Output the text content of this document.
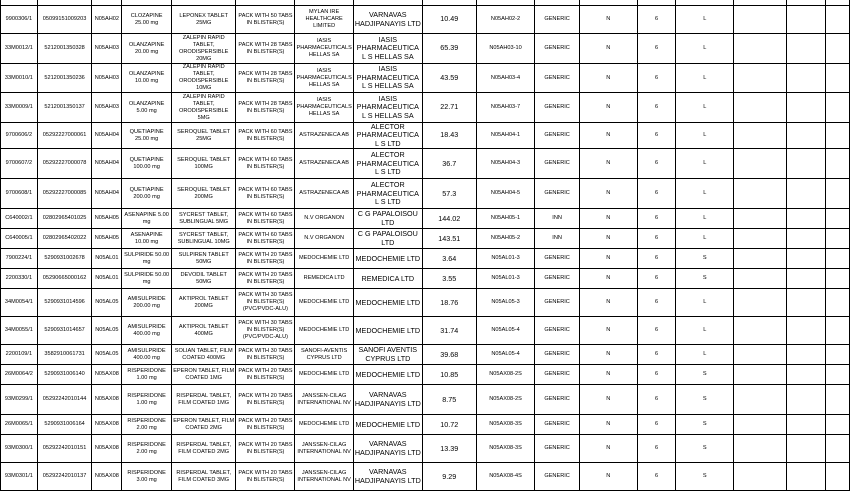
9900306/1	05099151009203	N05AH02	CLOZAPINE 25.00 mg	LEPONEX TABLET 25MG	PACK WITH 50 TABS IN BLISTER(S)	MYLAN IRE HEALTHCARE LIMITED	VARNAVAS HADJIPANAYIS LTD	10.49	N05AH02-2	GENERIC	N	6	L			
33M0012/1	5212001350328	N05AH03	OLANZAPINE 20.00 mg	ZALEPIN RAPID TABLET, ORODISPERSIBLE 20MG	PACK WITH 28 TABS IN BLISTER(S)	IASIS PHARMACEUTICALS HELLAS SA	IASIS PHARMACEUTICAL S HELLAS SA	65.39	N05AH03-10	GENERIC	N	6	L			
33M0010/1	5212001350236	N05AH03	OLANZAPINE 10.00 mg	ZALEPIN RAPID TABLET, ORODISPERSIBLE 10MG	PACK WITH 28 TABS IN BLISTER(S)	IASIS PHARMACEUTICALS HELLAS SA	IASIS PHARMACEUTICAL S HELLAS SA	43.59	N05AH03-4	GENERIC	N	6	L			
33M0009/1	5212001350137	N05AH03	OLANZAPINE 5.00 mg	ZALEPIN RAPID TABLET, ORODISPERSIBLE 5MG	PACK WITH 28 TABS IN BLISTER(S)	IASIS PHARMACEUTICALS HELLAS SA	IASIS PHARMACEUTICAL S HELLAS SA	22.71	N05AH03-7	GENERIC	N	6	L			
9700606/2	05292227000061	N05AH04	QUETIAPINE 25.00 mg	SEROQUEL TABLET 25MG	PACK WITH 60 TABS IN BLISTER(S)	ASTRAZENECA AB	ALECTOR PHARMACEUTICAL S LTD	18.43	N05AH04-1	GENERIC	N	6	L			
9700607/2	05292227000078	N05AH04	QUETIAPINE 100.00 mg	SEROQUEL TABLET 100MG	PACK WITH 60 TABS IN BLISTER(S)	ASTRAZENECA AB	ALECTOR PHARMACEUTICAL S LTD	36.7	N05AH04-3	GENERIC	N	6	L			
9700608/1	05292227000085	N05AH04	QUETIAPINE 200.00 mg	SEROQUEL TABLET 200MG	PACK WITH 60 TABS IN BLISTER(S)	ASTRAZENECA AB	ALECTOR PHARMACEUTICAL S LTD	57.3	N05AH04-5	GENERIC	N	6	L			
C640002/1	02802965401025	N05AH05	ASENAPINE 5.00 mg	SYCREST TABLET, SUBLINGUAL 5MG	PACK WITH 60 TABS IN BLISTER(S)	N.V ORGANON	C G PAPALOISOU LTD	144.02	N05AH05-1	INN	N	6	L			
C640005/1	02802965402022	N05AH05	ASENAPINE 10.00 mg	SYCREST TABLET, SUBLINGUAL 10MG	PACK WITH 60 TABS IN BLISTER(S)	N.V ORGANON	C G PAPALOISOU LTD	143.51	N05AH05-2	INN	N	6	L			
7900224/1	5290931002678	N05AL01	SULPIRIDE 50.00 mg	SULPIREN TABLET 50MG	PACK WITH 20 TABS IN BLISTER(S)	MEDOCHEMIE LTD	MEDOCHEMIE LTD	3.64	N05AL01-3	GENERIC	N	6	S			
2200330/1	05290665000162	N05AL01	SULPIRIDE 50.00 mg	DEVODIL TABLET 50MG	PACK WITH 20 TABS IN BLISTER(S)	REMEDICA LTD	REMEDICA LTD	3.55	N05AL01-3	GENERIC	N	6	S			
34M0054/1	5290931014596	N05AL05	AMISULPRIDE 200.00 mg	AKTIPROL TABLET 200MG	PACK WITH 30 TABS IN BLISTER(S) (PVC/PVDC-ALU)	MEDOCHEMIE LTD	MEDOCHEMIE LTD	18.76	N05AL05-3	GENERIC	N	6	L			
34M0055/1	5290931014657	N05AL05	AMISULPRIDE 400.00 mg	AKTIPROL TABLET 400MG	PACK WITH 30 TABS IN BLISTER(S) (PVC/PVDC-ALU)	MEDOCHEMIE LTD	MEDOCHEMIE LTD	31.74	N05AL05-4	GENERIC	N	6	L			
2200109/1	3582910061731	N05AL05	AMISULPRIDE 400.00 mg	SOLIAN TABLET, FILM COATED 400MG	PACK WITH 30 TABS IN BLISTER(S)	SANOFI-AVENTIS CYPRUS LTD	SANOFI AVENTIS CYPRUS LTD	39.68	N05AL05-4	GENERIC	N	6	L			
26M0064/2	5290931006140	N05AX08	RISPERIDONE 1.00 mg	EPERON TABLET, FILM COATED 1MG	PACK WITH 20 TABS IN BLISTER(S)	MEDOCHEMIE LTD	MEDOCHEMIE LTD	10.85	N05AX08-2S	GENERIC	N	6	S			
93M0299/1	05292242010144	N05AX08	RISPERIDONE 1.00 mg	RISPERDAL TABLET, FILM COATED 1MG	PACK WITH 20 TABS IN BLISTER(S)	JANSSEN-CILAG INTERNATIONAL NV	VARNAVAS HADJIPANAYIS LTD	8.75	N05AX08-2S	GENERIC	N	6	S			
26M0065/1	5290931006164	N05AX08	RISPERIDONE 2.00 mg	EPERON TABLET, FILM COATED 2MG	PACK WITH 20 TABS IN BLISTER(S)	MEDOCHEMIE LTD	MEDOCHEMIE LTD	10.72	N05AX08-3S	GENERIC	N	6	S			
93M0300/1	05292242010151	N05AX08	RISPERIDONE 2.00 mg	RISPERDAL TABLET, FILM COATED 2MG	PACK WITH 20 TABS IN BLISTER(S)	JANSSEN-CILAG INTERNATIONAL NV	VARNAVAS HADJIPANAYIS LTD	13.39	N05AX08-3S	GENERIC	N	6	S			
93M0301/1	05292242010137	N05AX08	RISPERIDONE 3.00 mg	RISPERDAL TABLET, FILM COATED 3MG	PACK WITH 20 TABS IN BLISTER(S)	JANSSEN-CILAG INTERNATIONAL NV	VARNAVAS HADJIPANAYIS LTD	9.29	N05AX08-4S	GENERIC	N	6	S			
